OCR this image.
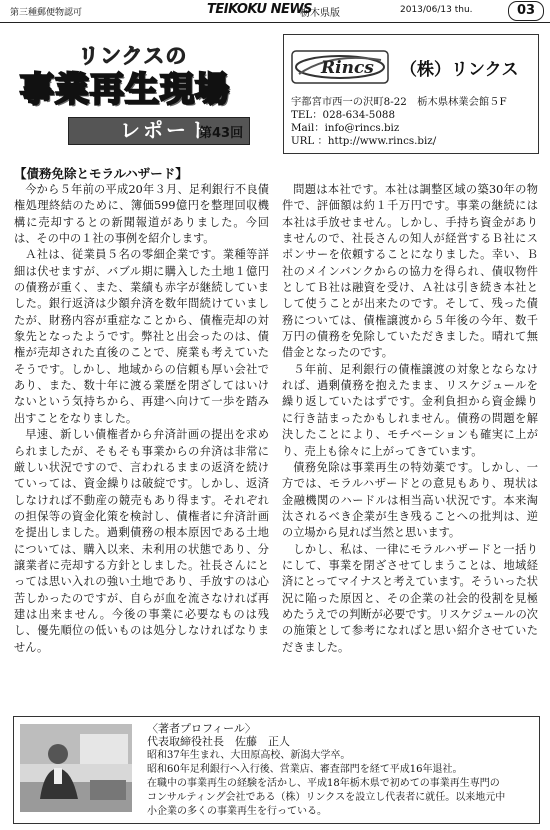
第三種郵便物認可	TEIKOKU NEWS
栃木県版	2013/06/13 thu.	03
リンクスの
事業再生現場
レポート
第43回
Rincs （株）リンクス
宇都宮市西一の沢町8-22　栃木県林業会館５F
TEL：028-634-5088
Mail：info@rincs.biz
URL ：http://www.rincs.biz/
【債務免除とモラルハザード】

今から５年前の平成20年３月、足利銀行不良債権処理終結のために、簿価599億円を整理回収機構に売却するとの新聞報道がありました。今回は、その中の１社の事例を紹介します。

Ａ社は、従業員５名の零細企業です。業種等詳細は伏せますが、バブル期に購入した土地１億円の債務が重く、また、業績も赤字が継続していました。銀行返済は少額弁済を数年間続けていましたが、財務内容が重症なことから、債権売却の対象先となったようです。弊社と出会ったのは、債権が売却された直後のことで、廃業も考えていたそうです。しかし、地域からの信頼も厚い会社であり、また、数十年に渡る業歴を閉ざしてはいけないという気持ちから、再建へ向けて一歩を踏み出すことをなりました。

早速、新しい債権者から弁済計画の提出を求められましたが、そもそも事業からの弁済は非常に厳しい状況ですので、言われるままの返済を続けていっては、資金繰りは破綻です。しかし、返済しなければ不動産の競売もあり得ます。それぞれの担保等の資金化策を検討し、債権者に弁済計画を提出しました。過剰債務の根本原因である土地については、購入以来、未利用の状態であり、分譲業者に売却する方針としました。社長さんにとっては思い入れの強い土地であり、手放すのは心苦しかったのですが、自らが血を流さなければ再建は出来ません。今後の事業に必要なものは残し、優先順位の低いものは処分しなければなりません。

問題は本社です。本社は調整区域の築30年の物件で、評価額は約１千万円です。事業の継続には本社は手放せません。しかし、手持ち資金がありませんので、社長さんの知人が経営するＢ社にスポンサーを依頼することになりました。幸い、Ｂ社のメインバンクからの協力を得られ、債収物件としてＢ社は融資を受け、Ａ社は引き続き本社として使うことが出来たのです。そして、残った債務については、債権譲渡から５年後の今年、数千万円の債務を免除していただきました。晴れて無借金となったのです。

５年前、足利銀行の債権譲渡の対象とならなければ、過剰債務を抱えたまま、リスケジュールを繰り返していたはずです。金利負担から資金繰りに行き詰まったかもしれません。債務の問題を解決したことにより、モチベーションも確実に上がり、売上も徐々に上がってきています。

債務免除は事業再生の特効薬です。しかし、一方では、モラルハザードとの意見もあり、現状は金融機関のハードルは相当高い状況です。本来淘汰されるべき企業が生き残ることへの批判は、逆の立場から見れば当然と思います。

しかし、私は、一律にモラルハザードと一括りにして、事業を閉ざさせてしまうことは、地域経済にとってマイナスと考えています。そういった状況に陥った原因と、その企業の社会的役割を見極めたうえでの判断が必要です。リスケジュールの次の施策として参考になればと思い紹介させていただきました。

〈著者プロフィール〉
代表取締役社長　佐藤　正人
昭和37年生まれ、大田原高校、新潟大学卒。
昭和60年足利銀行へ入行後、営業店、審査部門を経て平成16年退社。
在職中の事業再生の経験を活かし、平成18年栃木県で初めての事業再生専門の
コンサルティング会社である（株）リンクスを設立し代表者に就任。以来地元中
小企業の多くの事業再生を行っている。
